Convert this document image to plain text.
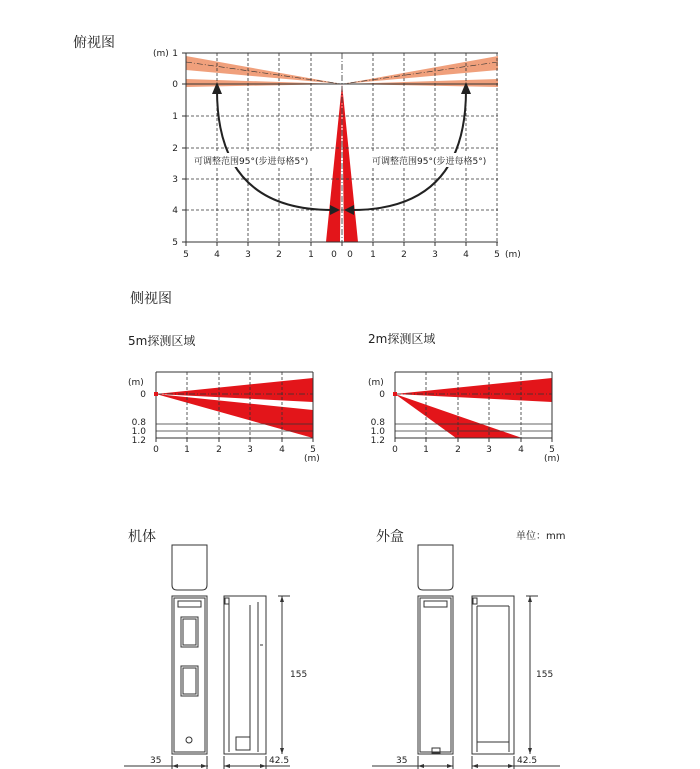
俯视图
侧视图
5m探测区域	2m探测区域
机体	外盒	单位：mm
(m) 1
0
1
2
3
4
5
5	4	3	2	1 0 0 1	2	3	4	5 (m)
可调整范围95°(步进每格5°)	可调整范围95°(步进每格5°)
(m)
0
0.8
1.0
1.2
0	1	2	3	4	5
(m)
(m)
0
0.8
1.0
1.2
0	1	2	3	4	5
(m)
35
155
42.5	35
155
42.5
